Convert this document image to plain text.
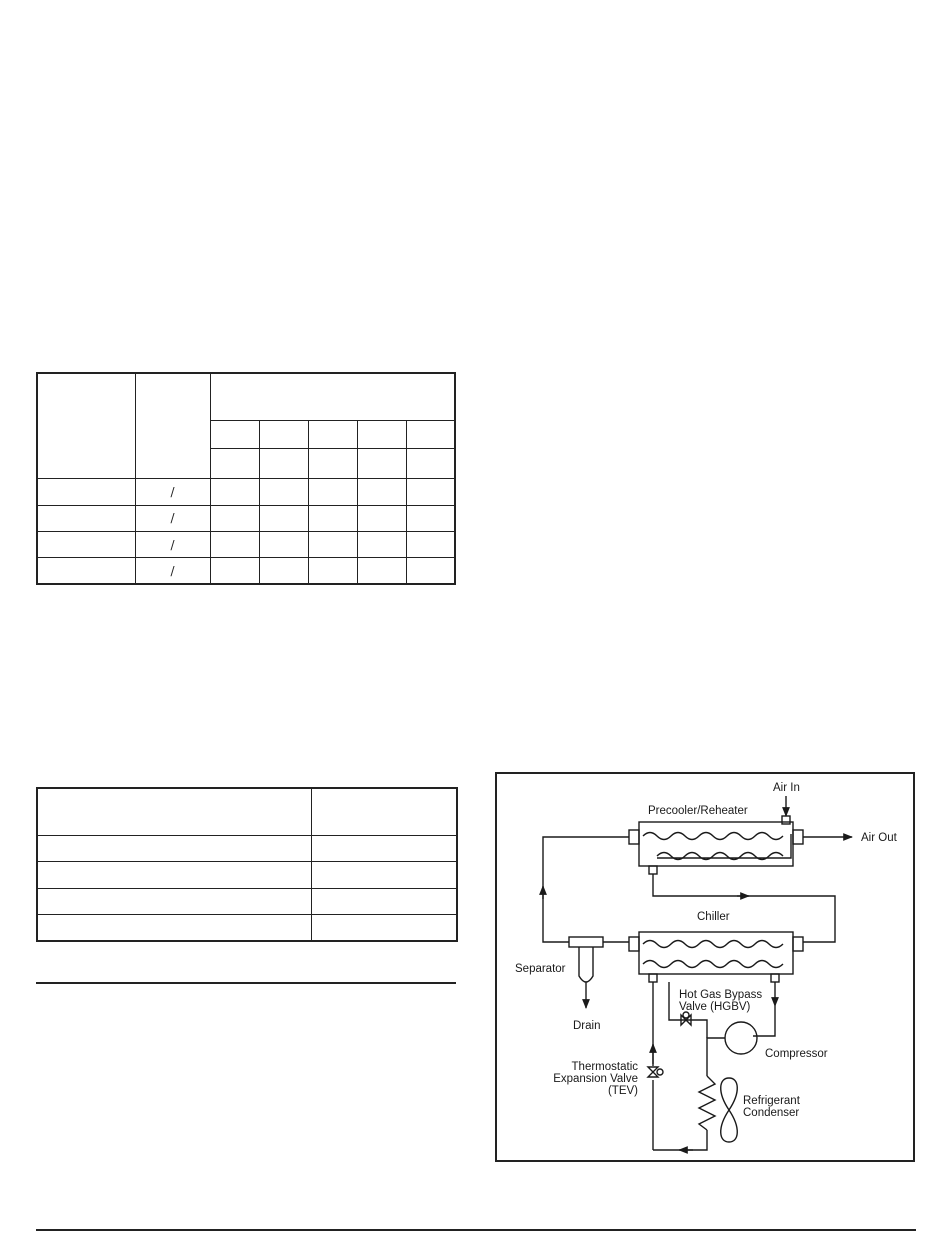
	/					
	/					
	/					
	/					

Air In
Precooler/Reheater
Air Out
Chiller
Separator
Drain
Hot Gas Bypass
Valve (HGBV)
Compressor
Thermostatic
Expansion Valve
(TEV)
Refrigerant
Condenser
